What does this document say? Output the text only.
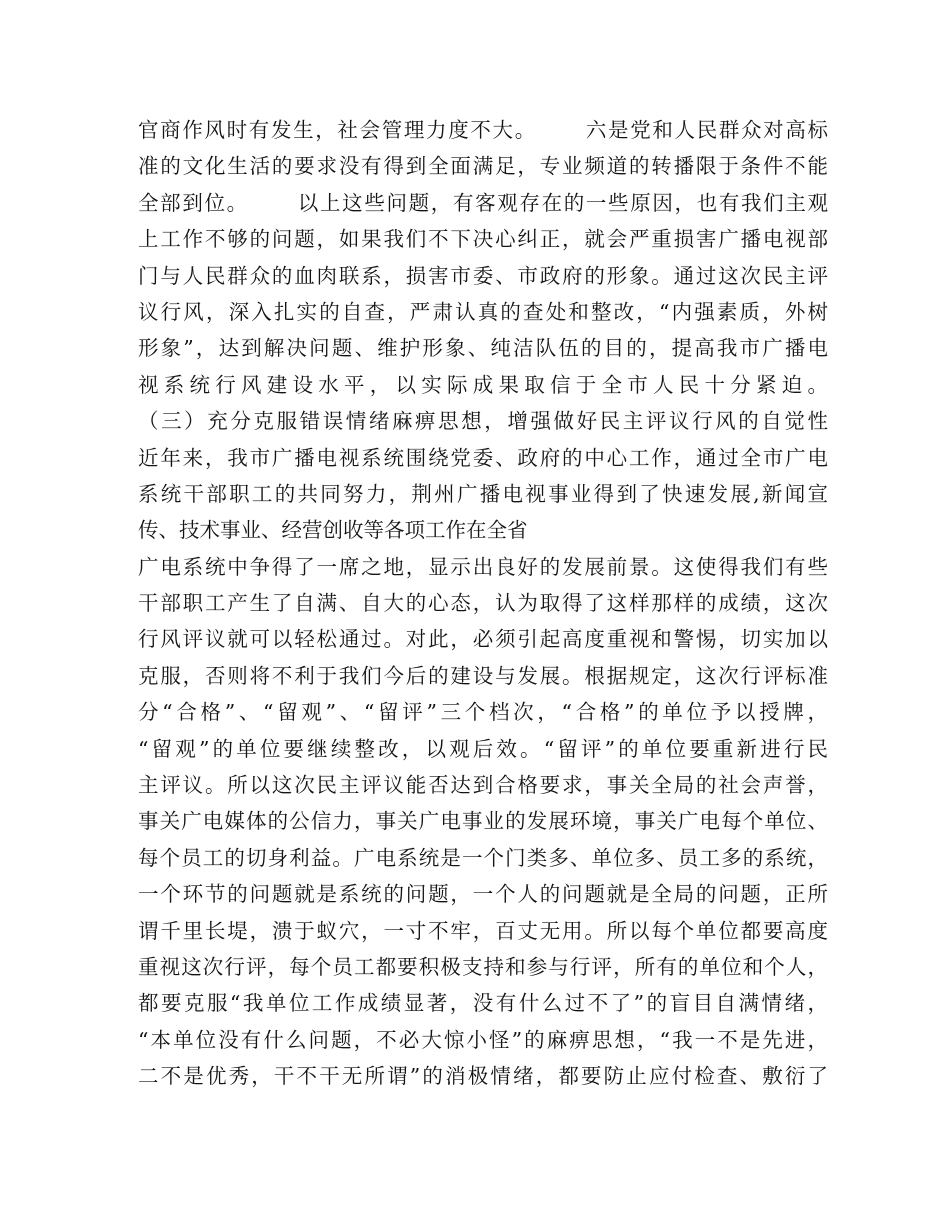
官商作风时有发生，社会管理力度不大。      六是党和人民群众对高标
准的文化生活的要求没有得到全面满足，专业频道的转播限于条件不能
全部到位。      以上这些问题，有客观存在的一些原因，也有我们主观
上工作不够的问题，如果我们不下决心纠正，就会严重损害广播电视部
门与人民群众的血肉联系，损害市委、市政府的形象。通过这次民主评
议行风，深入扎实的自查，严肃认真的查处和整改，“内强素质，外树
形象”，达到解决问题、维护形象、纯洁队伍的目的，提高我市广播电
视系统行风建设水平，以实际成果取信于全市人民十分紧迫。
（三）充分克服错误情绪麻痹思想，增强做好民主评议行风的自觉性
近年来，我市广播电视系统围绕党委、政府的中心工作，通过全市广电
系统干部职工的共同努力，荆州广播电视事业得到了快速发展,新闻宣
传、技术事业、经营创收等各项工作在全省
广电系统中争得了一席之地，显示出良好的发展前景。这使得我们有些
干部职工产生了自满、自大的心态，认为取得了这样那样的成绩，这次
行风评议就可以轻松通过。对此，必须引起高度重视和警惕，切实加以
克服，否则将不利于我们今后的建设与发展。根据规定，这次行评标准
分“合格”、“留观”、“留评”三个档次，“合格”的单位予以授牌，
“留观”的单位要继续整改，以观后效。“留评”的单位要重新进行民
主评议。所以这次民主评议能否达到合格要求，事关全局的社会声誉，
事关广电媒体的公信力，事关广电事业的发展环境，事关广电每个单位、
每个员工的切身利益。广电系统是一个门类多、单位多、员工多的系统，
一个环节的问题就是系统的问题，一个人的问题就是全局的问题，正所
谓千里长堤，溃于蚁穴，一寸不牢，百丈无用。所以每个单位都要高度
重视这次行评，每个员工都要积极支持和参与行评，所有的单位和个人，
都要克服“我单位工作成绩显著，没有什么过不了”的盲目自满情绪，
“本单位没有什么问题，不必大惊小怪”的麻痹思想，“我一不是先进，
二不是优秀，干不干无所谓”的消极情绪，都要防止应付检查、敷衍了
